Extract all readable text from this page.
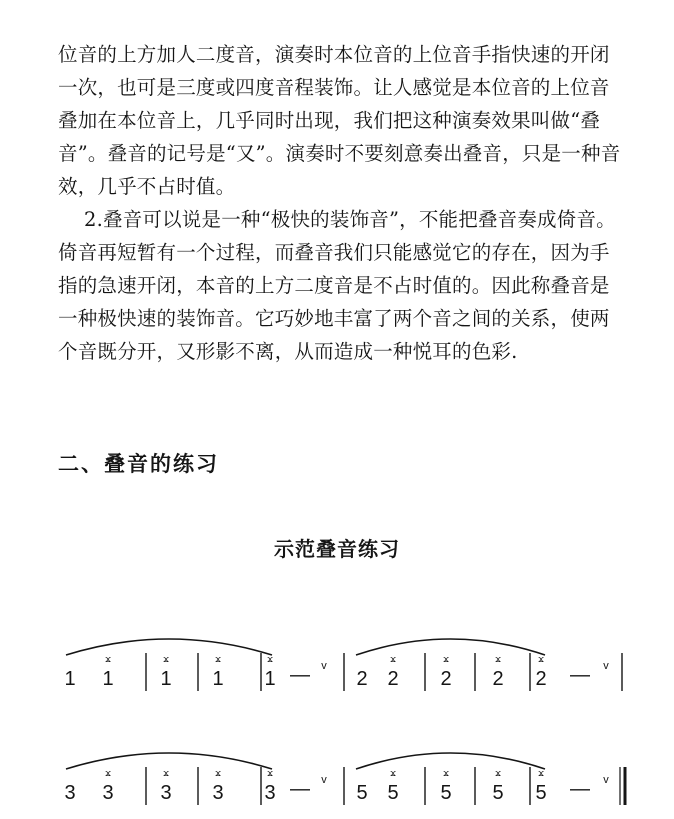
位音的上方加人二度音，演奏时本位音的上位音手指快速的开闭一次，也可是三度或四度音程装饰。让人感觉是本位音的上位音叠加在本位音上，几乎同时出现，我们把这种演奏效果叫做“叠音”。叠音的记号是“又”。演奏时不要刻意奏出叠音，只是一种音效，几乎不占时值。

2.叠音可以说是一种“极快的装饰音”，不能把叠音奏成倚音。倚音再短暂有一个过程，而叠音我们只能感觉它的存在，因为手指的急速开闭，本音的上方二度音是不占时值的。因此称叠音是一种极快速的装饰音。它巧妙地丰富了两个音之间的关系，使两个音既分开，又形影不离，从而造成一种悦耳的色彩.

二、叠音的练习
示范叠音练习
1 1
ϫ
1
ϫ
1
ϫ
1
ϫ
— v
2 2
ϫ
2
ϫ
2
ϫ
2
ϫ
— v
3 3
ϫ
3
ϫ
3
ϫ
3
ϫ
— v
5 5
ϫ
5
ϫ
5
ϫ
5
ϫ
— v
